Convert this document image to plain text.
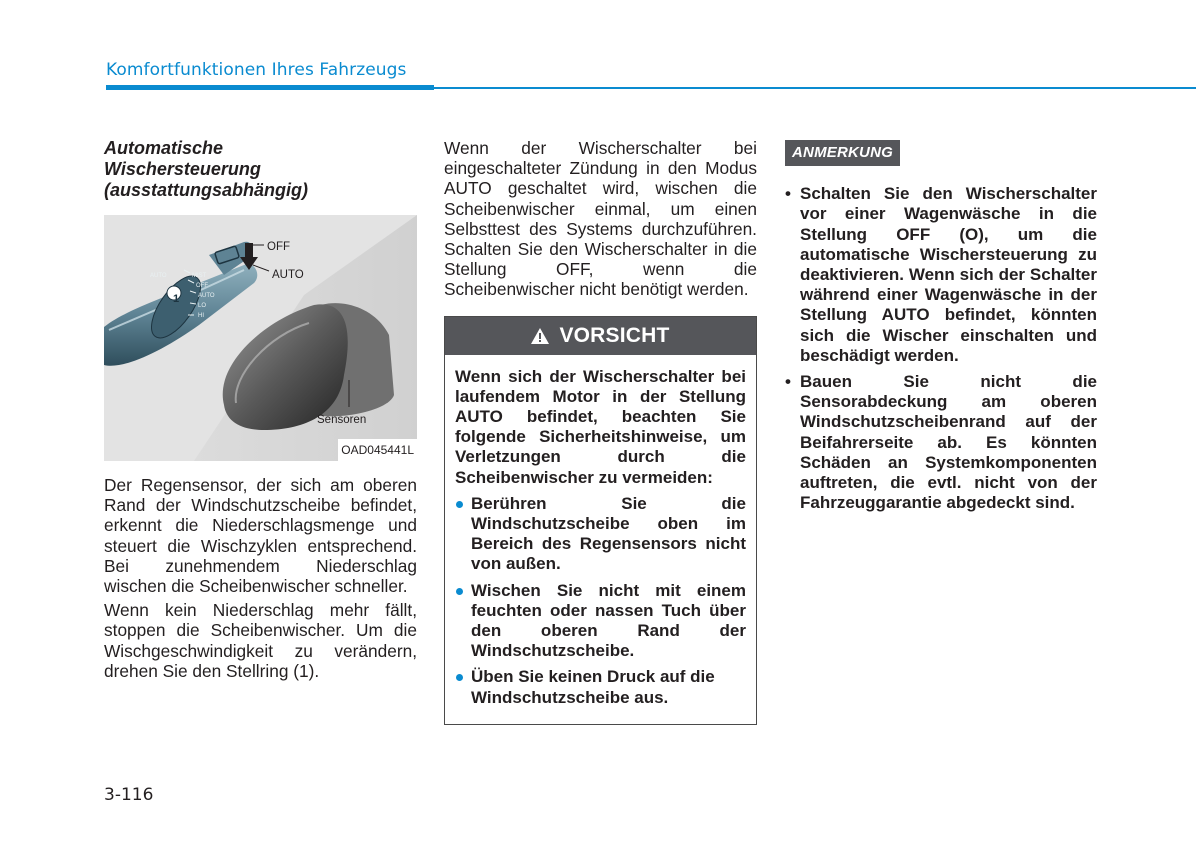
Komfortfunktionen Ihres Fahrzeugs
Automatische
Wischersteuerung
(ausstattungsabhängig)
1
AUTO	MIST
OFF
AUTO
LO
HI
OFF
AUTO
Sensoren
OAD045441L

Der Regensensor, der sich am oberen Rand der Windschutzscheibe befindet, erkennt die Niederschlagsmenge und steuert die Wischzyklen entsprechend. Bei zunehmendem Niederschlag wischen die Scheibenwischer schneller.

Wenn kein Niederschlag mehr fällt, stoppen die Scheibenwischer. Um die Wischgeschwindigkeit zu verändern, drehen Sie den Stellring (1).

Wenn der Wischerschalter bei eingeschalteter Zündung in den Modus AUTO geschaltet wird, wischen die Scheibenwischer einmal, um einen Selbsttest des Systems durchzuführen. Schalten Sie den Wischerschalter in die Stellung OFF, wenn die Scheibenwischer nicht benötigt werden.

VORSICHT

Wenn sich der Wischerschalter bei laufendem Motor in der Stellung AUTO befindet, beachten Sie folgende Sicherheitshinweise, um Verletzungen durch die Scheibenwischer zu vermeiden:

Berühren Sie die Windschutzscheibe oben im Bereich des Regensensors nicht von außen.
Wischen Sie nicht mit einem feuchten oder nassen Tuch über den oberen Rand der Windschutzscheibe.
Üben Sie keinen Druck auf die Windschutzscheibe aus.
ANMERKUNG
• Schalten Sie den Wischerschalter vor einer Wagenwäsche in die Stellung OFF (O), um die automatische Wischersteuerung zu deaktivieren. Wenn sich der Schalter während einer Wagenwäsche in der Stellung AUTO befindet, könnten sich die Wischer einschalten und beschädigt werden.
• Bauen Sie nicht die Sensorabdeckung am oberen Windschutzscheibenrand auf der Beifahrerseite ab. Es könnten Schäden an Systemkomponenten auftreten, die evtl. nicht von der Fahrzeuggarantie abgedeckt sind.
3-116
